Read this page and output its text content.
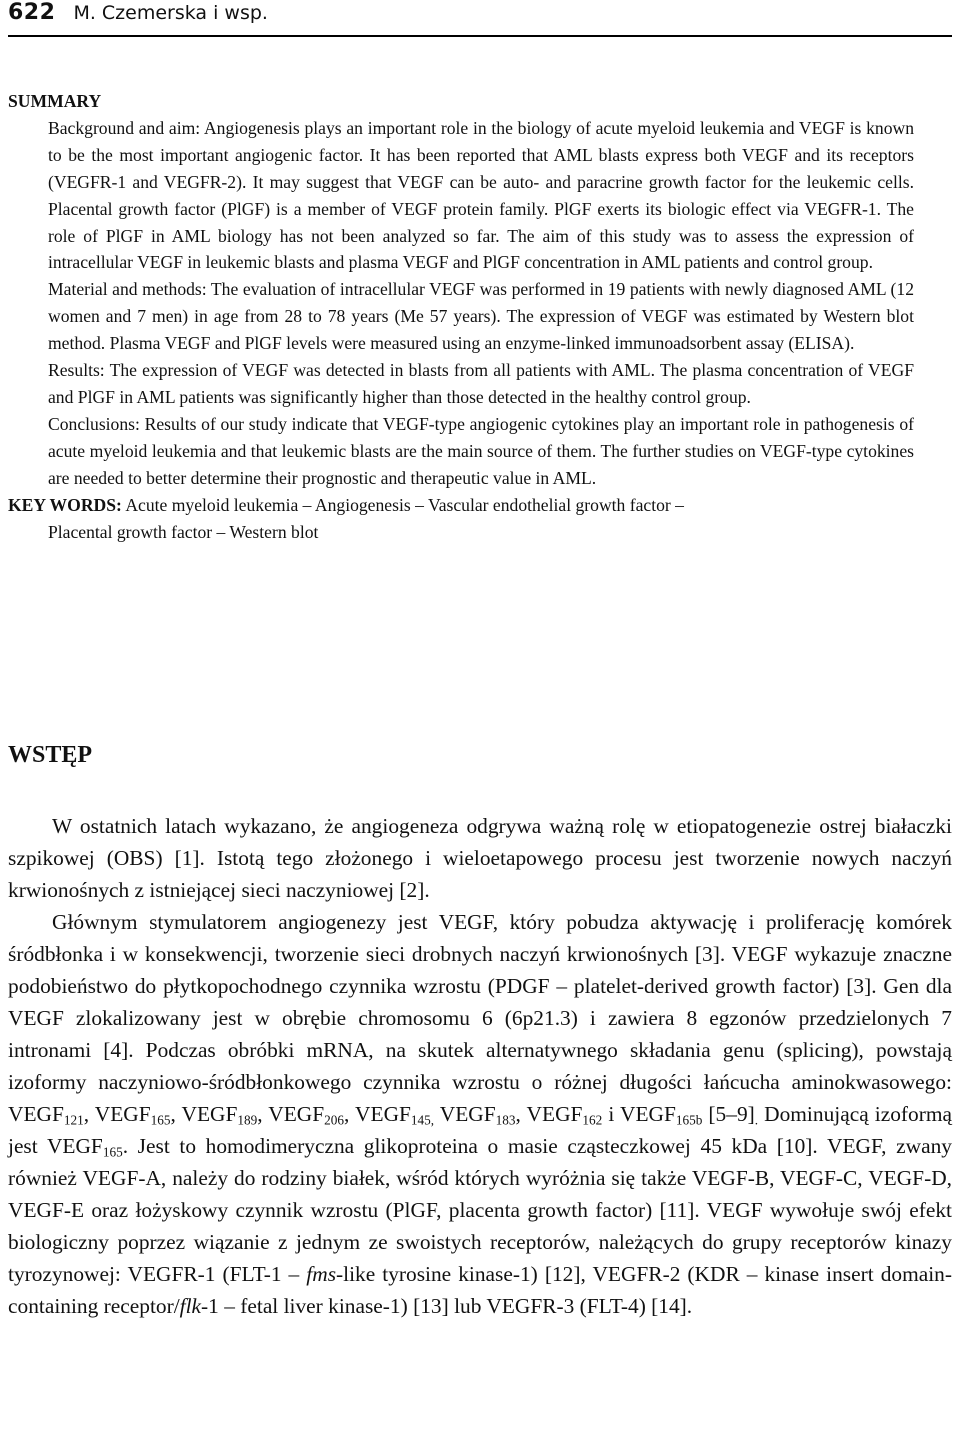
622 M. Czemerska i wsp.

SUMMARY

Background and aim: Angiogenesis plays an important role in the biology of acute myeloid leukemia and VEGF is known to be the most important angiogenic factor. It has been reported that AML blasts express both VEGF and its receptors (VEGFR-1 and VEGFR-2). It may suggest that VEGF can be auto- and paracrine growth factor for the leukemic cells. Placental growth factor (PlGF) is a member of VEGF protein family. PlGF exerts its biologic effect via VEGFR-1. The role of PlGF in AML biology has not been analyzed so far. The aim of this study was to assess the expression of intracellular VEGF in leukemic blasts and plasma VEGF and PlGF concentration in AML patients and control group.

Material and methods: The evaluation of intracellular VEGF was performed in 19 patients with newly diagnosed AML (12 women and 7 men) in age from 28 to 78 years (Me 57 years). The expression of VEGF was estimated by Western blot method. Plasma VEGF and PlGF levels were measured using an enzyme-linked immunoadsorbent assay (ELISA).

Results: The expression of VEGF was detected in blasts from all patients with AML. The plasma concentration of VEGF and PlGF in AML patients was significantly higher than those detected in the healthy control group.

Conclusions: Results of our study indicate that VEGF-type angiogenic cytokines play an important role in pathogenesis of acute myeloid leukemia and that leukemic blasts are the main source of them. The further studies on VEGF-type cytokines are needed to better determine their prognostic and therapeutic value in AML.

KEY WORDS: Acute myeloid leukemia – Angiogenesis – Vascular endothelial growth factor –
Placental growth factor – Western blot

WSTĘP

W ostatnich latach wykazano, że angiogeneza odgrywa ważną rolę w etiopatogenezie ostrej białaczki szpikowej (OBS) [1]. Istotą tego złożonego i wieloetapowego procesu jest tworzenie nowych naczyń krwionośnych z istniejącej sieci naczyniowej [2].

Głównym stymulatorem angiogenezy jest VEGF, który pobudza aktywację i proliferację komórek śródbłonka i w konsekwencji, tworzenie sieci drobnych naczyń krwionośnych [3]. VEGF wykazuje znaczne podobieństwo do płytkopochodnego czynnika wzrostu (PDGF – platelet-derived growth factor) [3]. Gen dla VEGF zlokalizowany jest w obrębie chromosomu 6 (6p21.3) i zawiera 8 egzonów przedzielonych 7 intronami [4]. Podczas obróbki mRNA, na skutek alternatywnego składania genu (splicing), powstają izoformy naczyniowo-śródbłonkowego czynnika wzrostu o różnej długości łańcucha aminokwasowego: $VEGF_{121}$, $VEGF_{165}$, $VEGF_{189}$, $VEGF_{206}$, $VEGF_{145,}$ $VEGF_{183}$, $VEGF_{162}$ i $VEGF_{165b}$ $[5-9]_.$ Dominującą izoformą jest $VEGF_{165}$. Jest to homodimeryczna glikoproteina o masie cząsteczkowej 45 kDa [10]. VEGF, zwany również VEGF-A, należy do rodziny białek, wśród których wyróżnia się także VEGF-B, VEGF-C, VEGF-D, VEGF-E oraz łożyskowy czynnik wzrostu (PlGF, placenta growth factor) [11]. VEGF wywołuje swój efekt biologiczny poprzez wiązanie z jednym ze swoistych receptorów, należących do grupy receptorów kinazy tyrozynowej: VEGFR-1 (FLT-1 – fms-like tyrosine kinase-1) [12], VEGFR-2 (KDR – kinase insert domain-containing receptor/flk-1 – fetal liver kinase-1) [13] lub VEGFR-3 (FLT-4) [14].
